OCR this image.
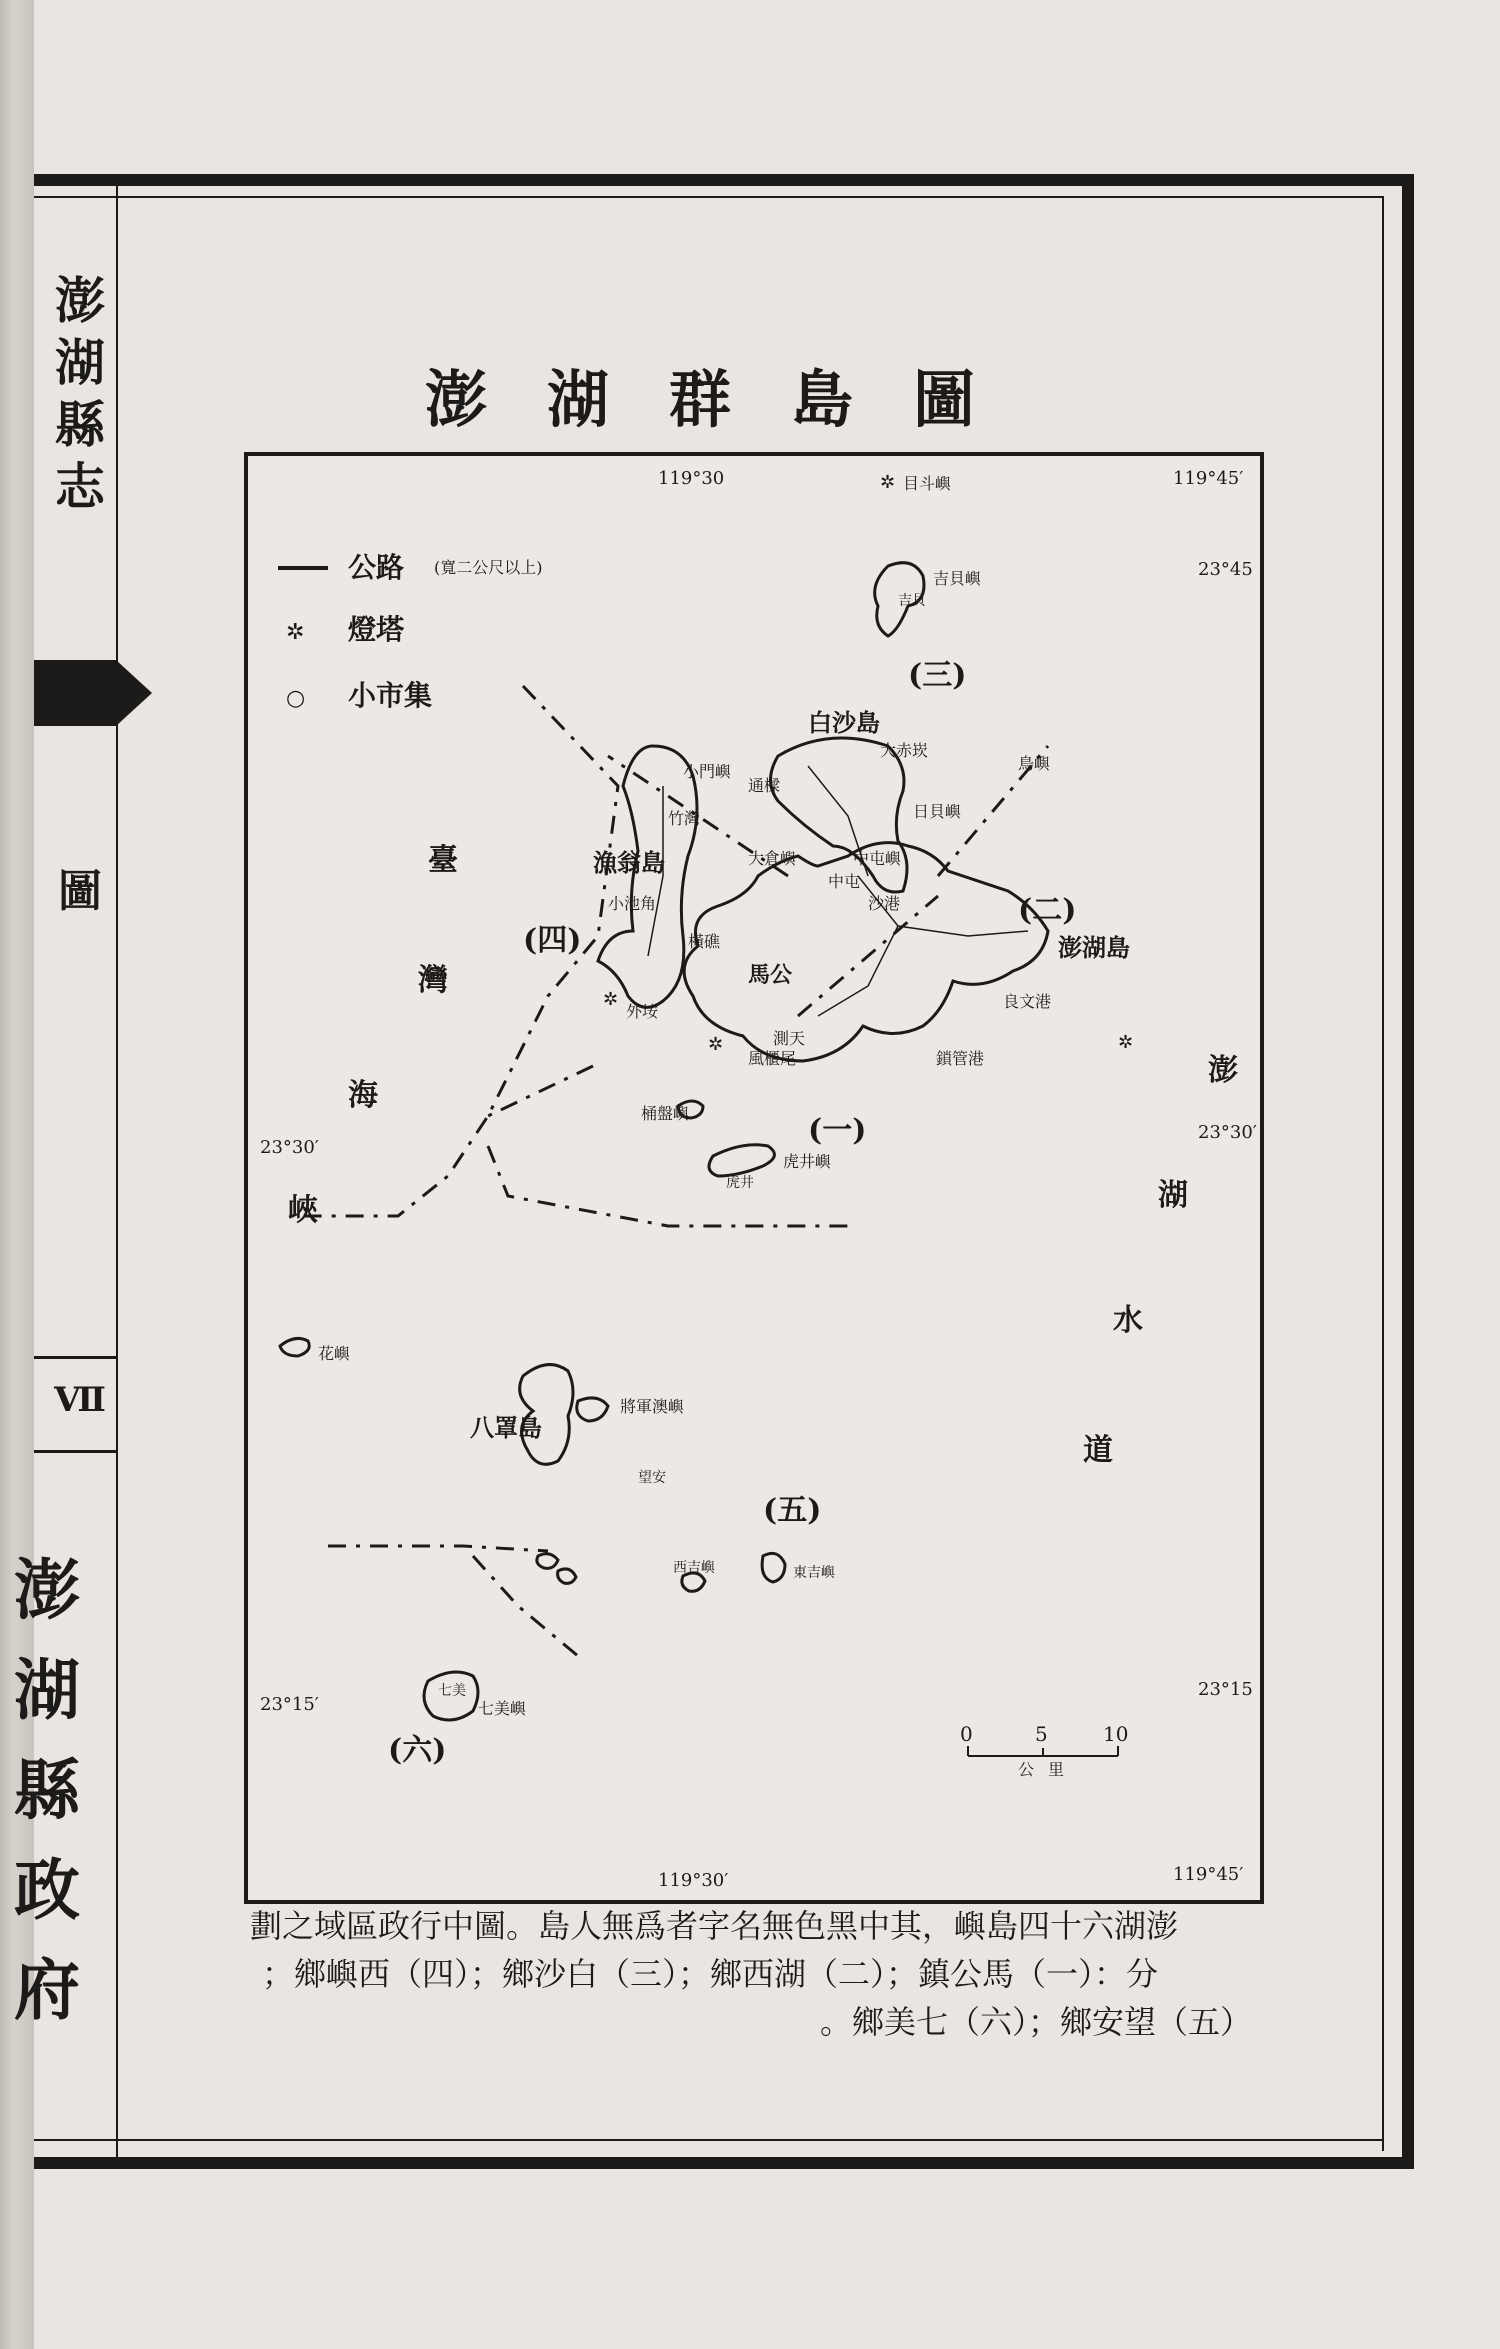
澎
湖
縣
志
圖
Ⅶ
澎
湖
縣
政
府
澎湖群島圖
119°30	119°45′
23°45
23°30′
23°30′
23°15′
23°15
119°30′	119°45′
公路 (寬二公尺以上)
✲ 燈塔
○ 小市集
(一)
(二)
(三)
(四)
(五)
(六)
目斗嶼
吉貝嶼
吉貝
白沙島
大赤崁
鳥嶼
小門嶼
通樑
竹灣
漁翁島
小池角
橫礁
外垵
大倉嶼
中屯
中屯嶼
沙港
澎湖島
馬公
良文港
風櫃尾
測天
鎖管港
桶盤嶼
虎井嶼
虎井
花嶼
八罩島
將軍澳嶼
望安
西吉嶼	東吉嶼
七美嶼
七美
日貝嶼
臺
灣
海
峽
澎
湖
水
道
✲
✲
✲	✲
0	5	10
公里
劃之域區政行中圖。島人無爲者字名無色黑中其，嶼島四十六湖澎
；鄉嶼西（四）；鄉沙白（三）；鄉西湖（二）；鎮公馬（一）：分
。鄉美七（六）；鄉安望（五）
